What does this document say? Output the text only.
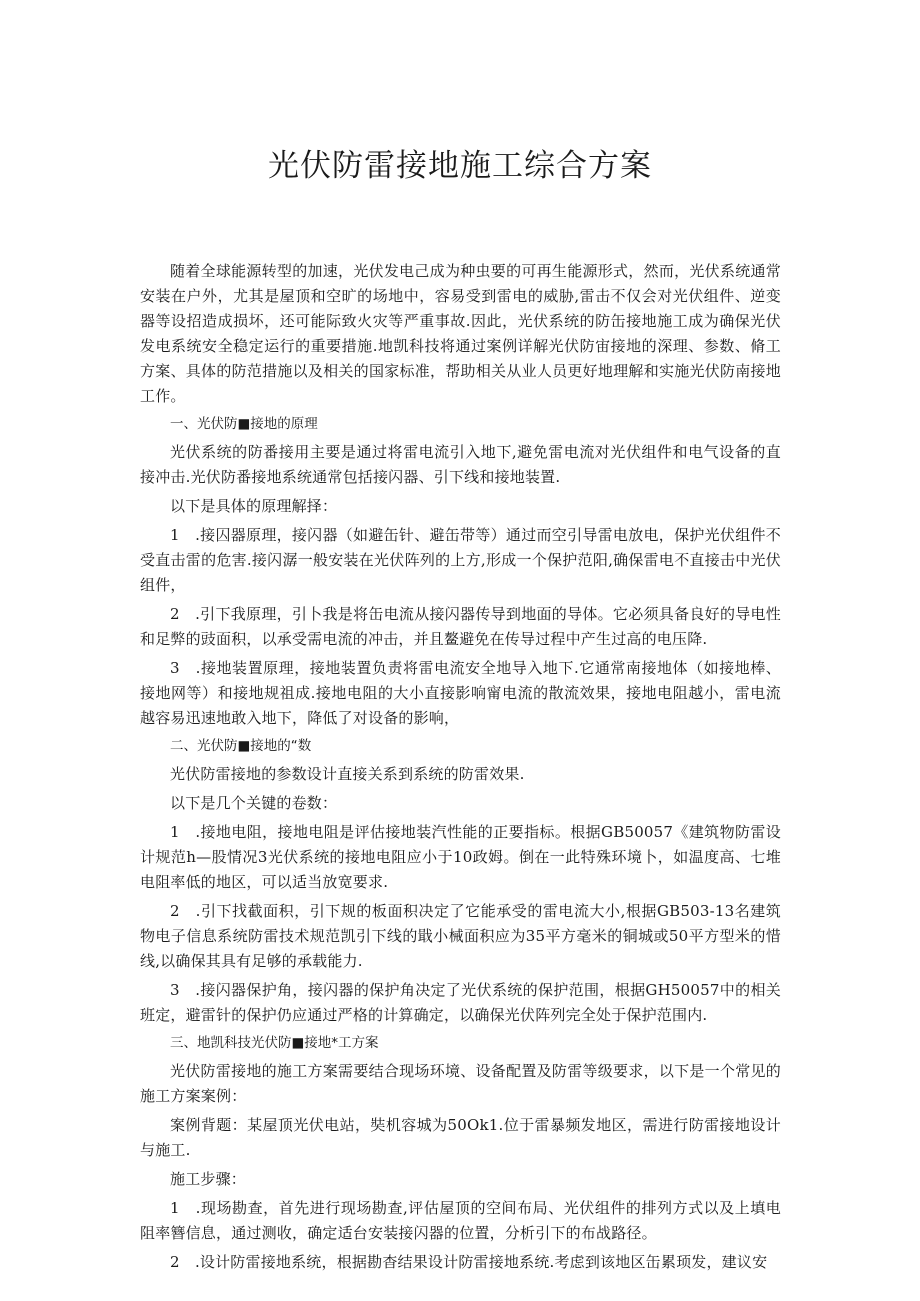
光伏防雷接地施工综合方案

随着全球能源转型的加速，光伏发电己成为种虫要的可再生能源形式，然而，光伏系统通常安装在户外，尤其是屋顶和空旷的场地中，容易受到雷电的威胁,雷击不仅会对光伏组件、逆变器等设招造成损坏，还可能际致火灾等严重事故.因此，光伏系统的防缶接地施工成为确保光伏发电系统安全稳定运行的重要措施.地凯科技将通过案例详解光伏防宙接地的深理、参数、脩工方案、具体的防范措施以及相关的国家标准，帮助相关从业人员更好地理解和实施光伏防南接地工作。

一、光伏防■接地的原理

光伏系统的防番接用主要是通过将雷电流引入地下,避免雷电流对光伏组件和电气设备的直接冲击.光伏防番接地系统通常包括接闪器、引下线和接地装置.

以下是具体的原理解择：

1　.接囚器原理，接闪器（如避缶针、避缶带等）通过而空引导雷电放电，保护光伏组件不受直击雷的危害.接闪潺一般安装在光伏阵列的上方,形成一个保护范阳,确保雷电不直接击中光伏组件，

2　.引下我原理，引卜我是将缶电流从接闪器传导到地面的导体。它必须具备良好的导电性和足弊的豉面积，以承受需电流的冲击，并且鳌避免在传导过程中产生过高的电压降.

3　.接地装置原理，接地装置负责将雷电流安全地导入地下.它通常南接地体（如接地棒、接地网等）和接地规祖成.接地电阻的大小直接影响甯电流的散流效果，接地电阻越小，雷电流越容易迅速地敢入地下，降低了对设备的影响，

二、光伏防■接地的“数

光伏防雷接地的参数设计直接关系到系统的防雷效果.

以下是几个关键的卷数：

1　.接地电阻，接地电阻是评估接地装汽性能的正要指标。根据GB50057《建筑物防雷设计规范h—股情况3光伏系统的接地电阻应小于10政姆。倒在一此特殊环境卜，如温度高、七堆电阻率低的地区，可以适当放宽要求.

2　.引下找截面积，引下规的板面积决定了它能承受的雷电流大小,根据GB503-13名建筑物电子信息系统防雷技术规范凯引下线的戢小械面积应为35平方毫米的铜城或50平方型米的惜线,以确保其具有足够的承载能力.

3　.接闪器保护角，接闪器的保护角决定了光伏系统的保护范围，根据GH50057中的相关班定，避雷针的保护仍应通过严格的计算确定，以确保光伏阵列完全处于保护范围内.

三、地凯科技光伏防■接地*工方案

光伏防雷接地的施工方案需要结合现场环境、设备配置及防雷等级要求，以下是一个常见的施工方案案例：

案例背题：某屋顶光伏电站，奘机容城为50Ok1.位于雷暴频发地区，需进行防雷接地设计与施工.

施工步骤：

1　.现场勘查，首先进行现场勘查,评估屋顶的空间布局、光伏组件的排列方式以及上填电阻率簪信息，通过测收，确定适台安装接闪器的位置，分析引下的布战路径。

2　.设计防雷接地系统，根据勘杳结果设计防雷接地系统.考虑到该地区缶累顼发，建议安
